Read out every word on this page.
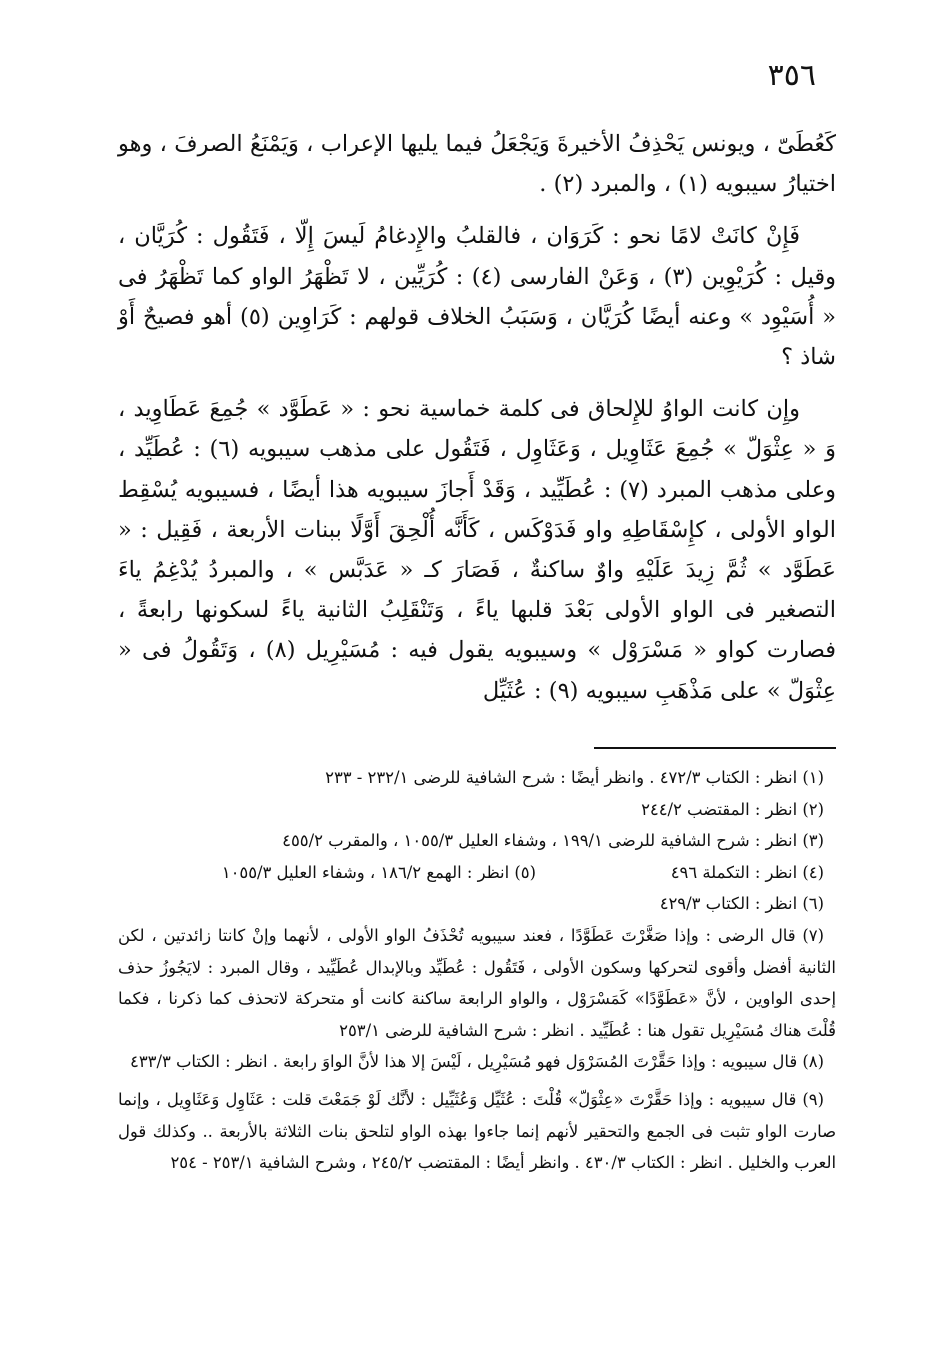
٣٥٦

كَعُطَىّ ، ويونس يَحْذِفُ الأخيرةَ وَيَجْعَلُ فيما يليها الإعراب ، وَيَمْنَعُ الصرفَ ، وهو اختيارُ سيبويه (١) ، والمبرد (٢) .

فَإِنْ كانَتْ لامًا نحو : كَرَوَان ، فالقلبُ والإِدغامُ لَيسَ إِلّا ، فَتَقُول : كُرَيَّان ، وقيل : كُرَيْوِين (٣) ، وَعَنْ الفارسى (٤) : كُرَيِّين ، لا تَظْهَرُ الواو كما تَظْهَرُ فى « أُسَيْوِد » وعنه أيضًا كُرَيَّان ، وَسَبَبُ الخلاف قولهم : كَرَاوِين (٥) أهو فصيحٌ أَوْ شاذ ؟

وإِن كانت الواوُ للإِلحاق فى كلمة خماسية نحو : « عَطَوَّد » جُمِعَ عَطَاوِيد ، وَ « عِثْوَلّ » جُمِعَ عَثَاوِيل ، وَعَثَاوِل ، فَتَقُول على مذهب سيبويه (٦) : عُطَيِّد ، وعلى مذهب المبرد (٧) : عُطَيِّيد ، وَقَدْ أَجازَ سيبويه هذا أيضًا ، فسيبويه يُسْقِط الواو الأولى ، كإِسْقَاطِهِ واو فَدَوْكَس ، كَأَنَّه أُلْحِقَ أَوَّلًا ببنات الأربعة ، فَقِيل : « عَطَوَّد » ثُمَّ زِيدَ عَلَيْهِ واوٌ ساكنةٌ ، فَصَارَ كـ « عَدَبَّس » ، والمبردُ يُدْغِمُ ياءَ التصغير فى الواو الأولى بَعْدَ قلبها ياءً ، وَتَنْقَلِبُ الثانية ياءً لسكونها رابعةً ، فصارت كواو « مَسْرَوْل » وسيبويه يقول فيه : مُسَيْرِيل (٨) ، وَتَقُولُ فى « عِثْوَلّ » على مَذْهَبِ سيبويه (٩) : عُثَيِّل

(١) انظر : الكتاب ٤٧٢/٣ . وانظر أيضًا : شرح الشافية للرضى ٢٣٢/١ - ٢٣٣

(٢) انظر : المقتضب ٢٤٤/٢

(٣) انظر : شرح الشافية للرضى ١٩٩/١ ، وشفاء العليل ١٠٥٥/٣ ، والمقرب ٤٥٥/٢

(٤) انظر : التكملة ٤٩٦
(٥) انظر : الهمع ١٨٦/٢ ، وشفاء العليل ١٠٥٥/٣

(٦) انظر : الكتاب ٤٢٩/٣

(٧) قال الرضى : وإذا صَغَّرْتَ عَطَوَّدًا ، فعند سيبويه تُحْذَفُ الواو الأولى ، لأنهما وإنْ كانتا زائدتين ، لكن الثانية أفضل وأقوى لتحركها وسكون الأولى ، فَتَقُول : عُطَيِّد وبالإبدال عُطَيِّيد ، وقال المبرد : لايَجُوزُ حذف إحدى الواوين ، لأنَّ «عَطَوَّدًا» كَمَسْرَوْل ، والواو الرابعة ساكنة كانت أو متحركة لاتحذف كما ذكرنا ، فكما قُلْتَ هناك مُسَيْرِيل تقول هنا : عُطَيِّيد . انظر : شرح الشافية للرضى ٢٥٣/١

(٨) قال سيبويه : وإذا حَقَّرْتَ المُسَرْوَل فهو مُسَيْرِيل ، لَيْسَ إلا هذا لأنَّ الواوَ رابعة . انظر : الكتاب ٤٣٣/٣

(٩) قال سيبويه : وإذا حَقَّرْتَ «عِثْوَلّ» قُلْتَ : عُثَيِّل وَعُثَيِّيل : لأنَّك لَوْ جَمَعْتَ قلت : عَثَاوِل وَعَثَاوِيل ، وإنما صارت الواو تثبت فى الجمع والتحقير لأنهم إنما جاءوا بهذه الواو لتلحق بنات الثلاثة بالأربعة .. وكذلك قول العرب والخليل . انظر : الكتاب ٤٣٠/٣ . وانظر أيضًا : المقتضب ٢٤٥/٢ ، وشرح الشافية ٢٥٣/١ - ٢٥٤
